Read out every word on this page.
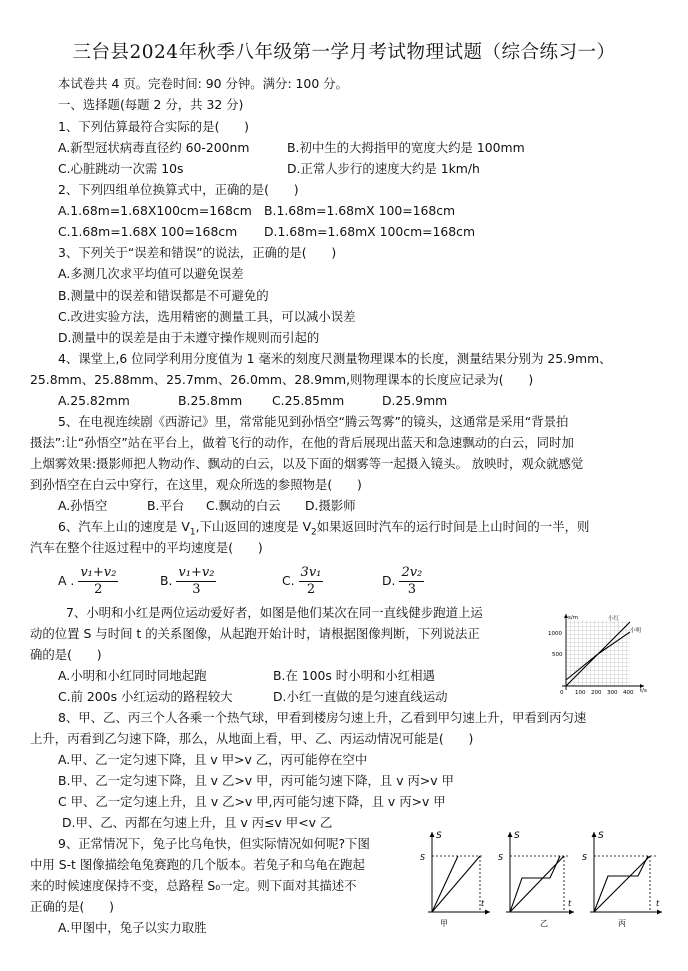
三台县2024年秋季八年级第一学月考试物理试题（综合练习一）
本试卷共 4 页。完卷时间: 90 分钟。满分: 100 分。
一、选择题(每题 2 分，共 32 分)
1、下列估算最符合实际的是(　　)
A.新型冠状病毒直径约 60-200nm	B.初中生的大拇指甲的宽度大约是 100mm
C.心脏跳动一次需 10s	D.正常人步行的速度大约是 1km/h
2、下列四组单位换算式中，正确的是(　　)
A.1.68m=1.68X100cm=168cm B.1.68m=1.68mX 100=168cm
C.1.68m=1.68X 100=168cm D.1.68m=1.68mX 100cm=168cm
3、下列关于“误差和错误”的说法，正确的是(　　)
A.多测几次求平均值可以避免误差
B.测量中的误差和错误都是不可避免的
C.改进实验方法，选用精密的测量工具，可以减小误差
D.测量中的误差是由于未遵守操作规则而引起的
4、课堂上,6 位同学利用分度值为 1 毫米的刻度尺测量物理课本的长度，测量结果分别为 25.9mm、
25.8mm、25.88mm、25.7mm、26.0mm、28.9mm,则物理课本的长度应记录为(　　)
A.25.82mm	B.25.8mm C.25.85mm	D.25.9mm
5、在电视连续剧《西游记》里，常常能见到孙悟空“腾云驾雾”的镜头，这通常是采用“背景拍
摄法”:让“孙悟空”站在平台上，做着飞行的动作，在他的背后展现出蓝天和急速飘动的白云，同时加
上烟雾效果:摄影师把人物动作、飘动的白云，以及下面的烟雾等一起摄入镜头。 放映时，观众就感觉
到孙悟空在白云中穿行，在这里，观众所选的参照物是(　　)
A.孙悟空	B.平台 C.飘动的白云 D.摄影师
6、汽车上山的速度是 $V_1$,下山返回的速度是 $V_2$如果返回时汽车的运行时间是上山时间的一半，则
汽车在整个往返过程中的平均速度是(　　)
A . $\frac{\text{v₁+v₂}}{2}$	B. $\frac{\text{v₁+v₂}}{3}$	C. $\frac{\text{3v₁}}{2}$	D. $\frac{\text{2v₂}}{3}$
7、小明和小红是两位运动爱好者，如图是他们某次在同一直线健步跑道上运
动的位置 S 与时间 t 的关系图像，从起跑开始计时，请根据图像判断，下列说法正
确的是(　　)
A.小明和小红同时同地起跑	B.在 100s 时小明和小红相遇
C.前 200s 小红运动的路程较大	D.小红一直做的是匀速直线运动
s/m
1000
500
0 100 200 300 400 t/s
小红
小明
8、甲、乙、丙三个人各乘一个热气球，甲看到楼房匀速上升，乙看到甲匀速上升，甲看到丙匀速
上升，丙看到乙匀速下降，那么，从地面上看，甲、乙、丙运动情况可能是(　　)
A.甲、乙一定匀速下降，且 v 甲>v 乙，丙可能停在空中
B.甲、乙一定匀速下降，且 v 乙>v 甲，丙可能匀速下降，且 v 丙>v 甲
C 甲、乙一定匀速上升，且 v 乙>v 甲,丙可能匀速下降，且 v 丙>v 甲
D.甲、乙、丙都在匀速上升，且 v 丙≤v 甲<v 乙
9、正常情况下，兔子比乌龟快，但实际情况如何呢?下图
中用 S-t 图像描绘龟兔赛跑的几个版本。若兔子和乌龟在跑起
来的时候速度保持不变，总路程 S₀一定。则下面对其描述不
正确的是(　　)
A.甲图中，兔子以实力取胜
S
S
t
甲
S
S
t
乙
S
S
t
丙
